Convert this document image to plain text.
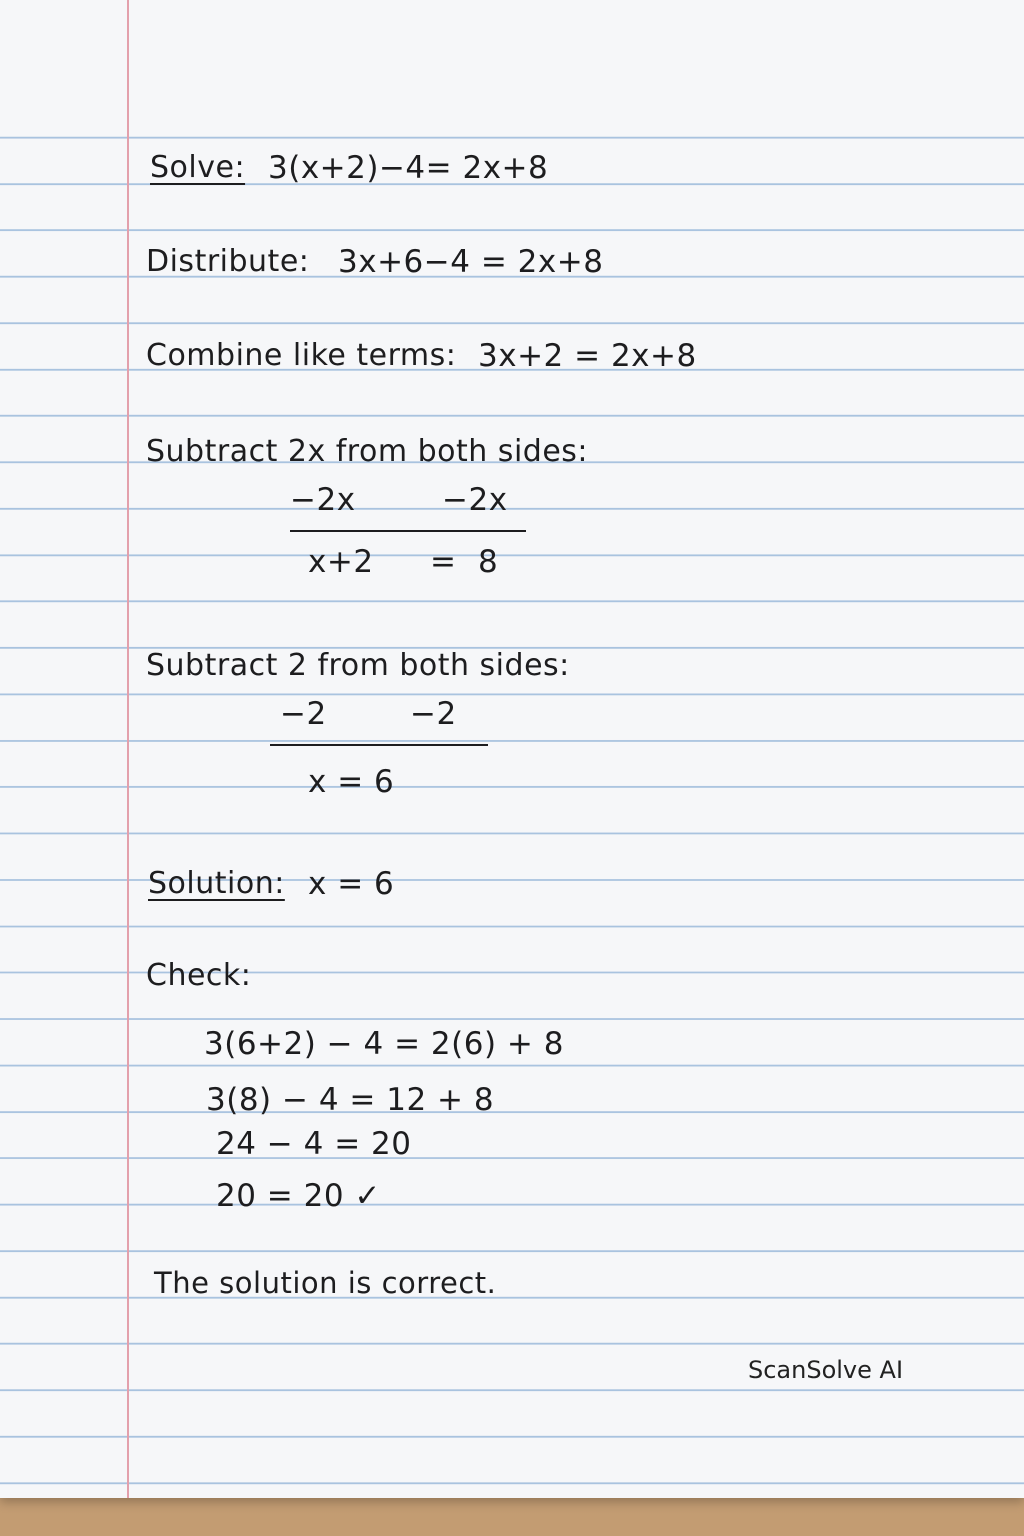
Solve: 3(x+2)−4= 2x+8
Distribute: 3x+6−4 = 2x+8
Combine like terms: 3x+2 = 2x+8
Subtract 2x from both sides:
−2x	−2x
x+2 = 8
Subtract 2 from both sides:
−2	−2
x = 6
Solution: x = 6
Check:
3(6+2) − 4 = 2(6) + 8
3(8) − 4 = 12 + 8
24 − 4 = 20
20 = 20 ✓
The solution is correct.
ScanSolve AI
